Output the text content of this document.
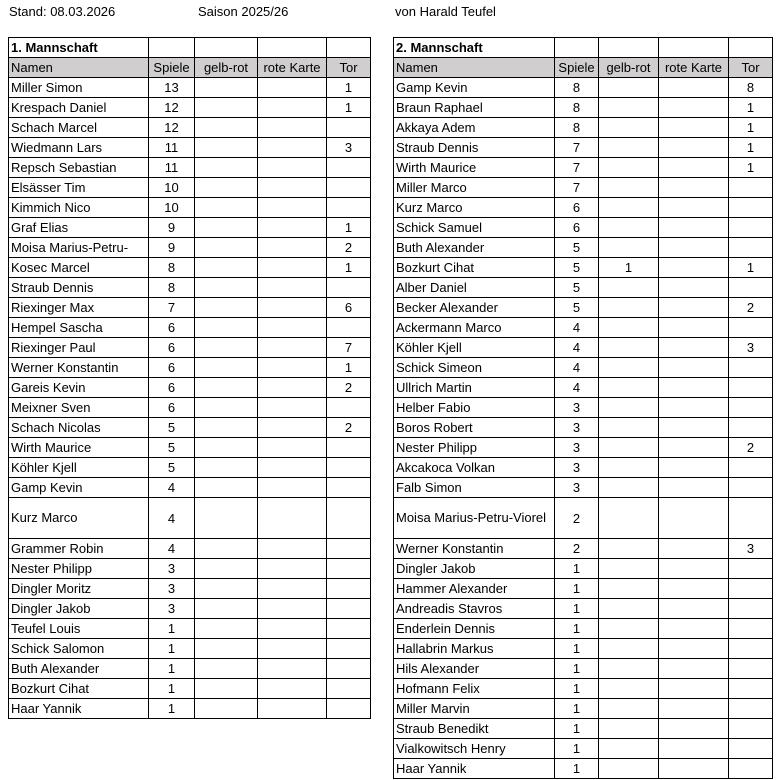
Stand: 08.03.2026	Saison 2025/26	von Harald Teufel
1. Mannschaft				
Namen	Spiele	gelb-rot	rote Karte	Tor
Miller Simon	13			1
Krespach Daniel	12			1
Schach Marcel	12			
Wiedmann Lars	11			3
Repsch Sebastian	11			
Elsässer Tim	10			
Kimmich Nico	10			
Graf Elias	9			1
Moisa Marius-Petru-	9			2
Kosec Marcel	8			1
Straub Dennis	8			
Riexinger Max	7			6
Hempel Sascha	6			
Riexinger Paul	6			7
Werner Konstantin	6			1
Gareis Kevin	6			2
Meixner Sven	6			
Schach Nicolas	5			2
Wirth Maurice	5			
Köhler Kjell	5			
Gamp Kevin	4			
Kurz Marco	4			
Grammer Robin	4			
Nester Philipp	3			
Dingler Moritz	3			
Dingler Jakob	3			
Teufel Louis	1			
Schick Salomon	1			
Buth Alexander	1			
Bozkurt Cihat	1			
Haar Yannik	1			
2. Mannschaft				
Namen	Spiele	gelb-rot	rote Karte	Tor
Gamp Kevin	8			8
Braun Raphael	8			1
Akkaya Adem	8			1
Straub Dennis	7			1
Wirth Maurice	7			1
Miller Marco	7			
Kurz Marco	6			
Schick Samuel	6			
Buth Alexander	5			
Bozkurt Cihat	5	1		1
Alber Daniel	5			
Becker Alexander	5			2
Ackermann Marco	4			
Köhler Kjell	4			3
Schick Simeon	4			
Ullrich Martin	4			
Helber Fabio	3			
Boros Robert	3			
Nester Philipp	3			2
Akcakoca Volkan	3			
Falb Simon	3			
Moisa Marius-Petru-Viorel	2			
Werner Konstantin	2			3
Dingler Jakob	1			
Hammer Alexander	1			
Andreadis Stavros	1			
Enderlein Dennis	1			
Hallabrin Markus	1			
Hils Alexander	1			
Hofmann Felix	1			
Miller Marvin	1			
Straub Benedikt	1			
Vialkowitsch Henry	1			
Haar Yannik	1			
